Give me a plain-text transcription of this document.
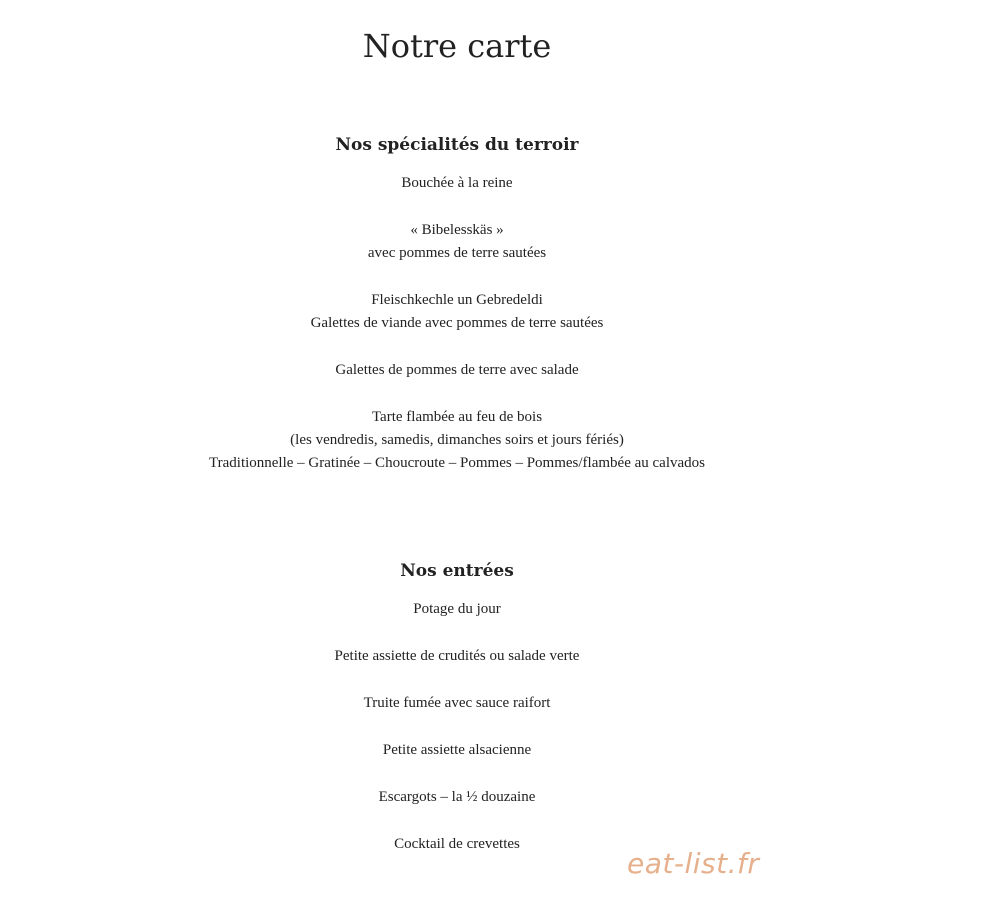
Notre carte
Nos spécialités du terroir
Bouchée à la reine
« Bibelesskäs »
avec pommes de terre sautées
Fleischkechle un Gebredeldi
Galettes de viande avec pommes de terre sautées
Galettes de pommes de terre avec salade
Tarte flambée au feu de bois
(les vendredis, samedis, dimanches soirs et jours fériés)
Traditionnelle – Gratinée – Choucroute – Pommes – Pommes/flambée au calvados
Nos entrées
Potage du jour
Petite assiette de crudités ou salade verte
Truite fumée avec sauce raifort
Petite assiette alsacienne
Escargots – la ½ douzaine
Cocktail de crevettes
eat-list.fr
